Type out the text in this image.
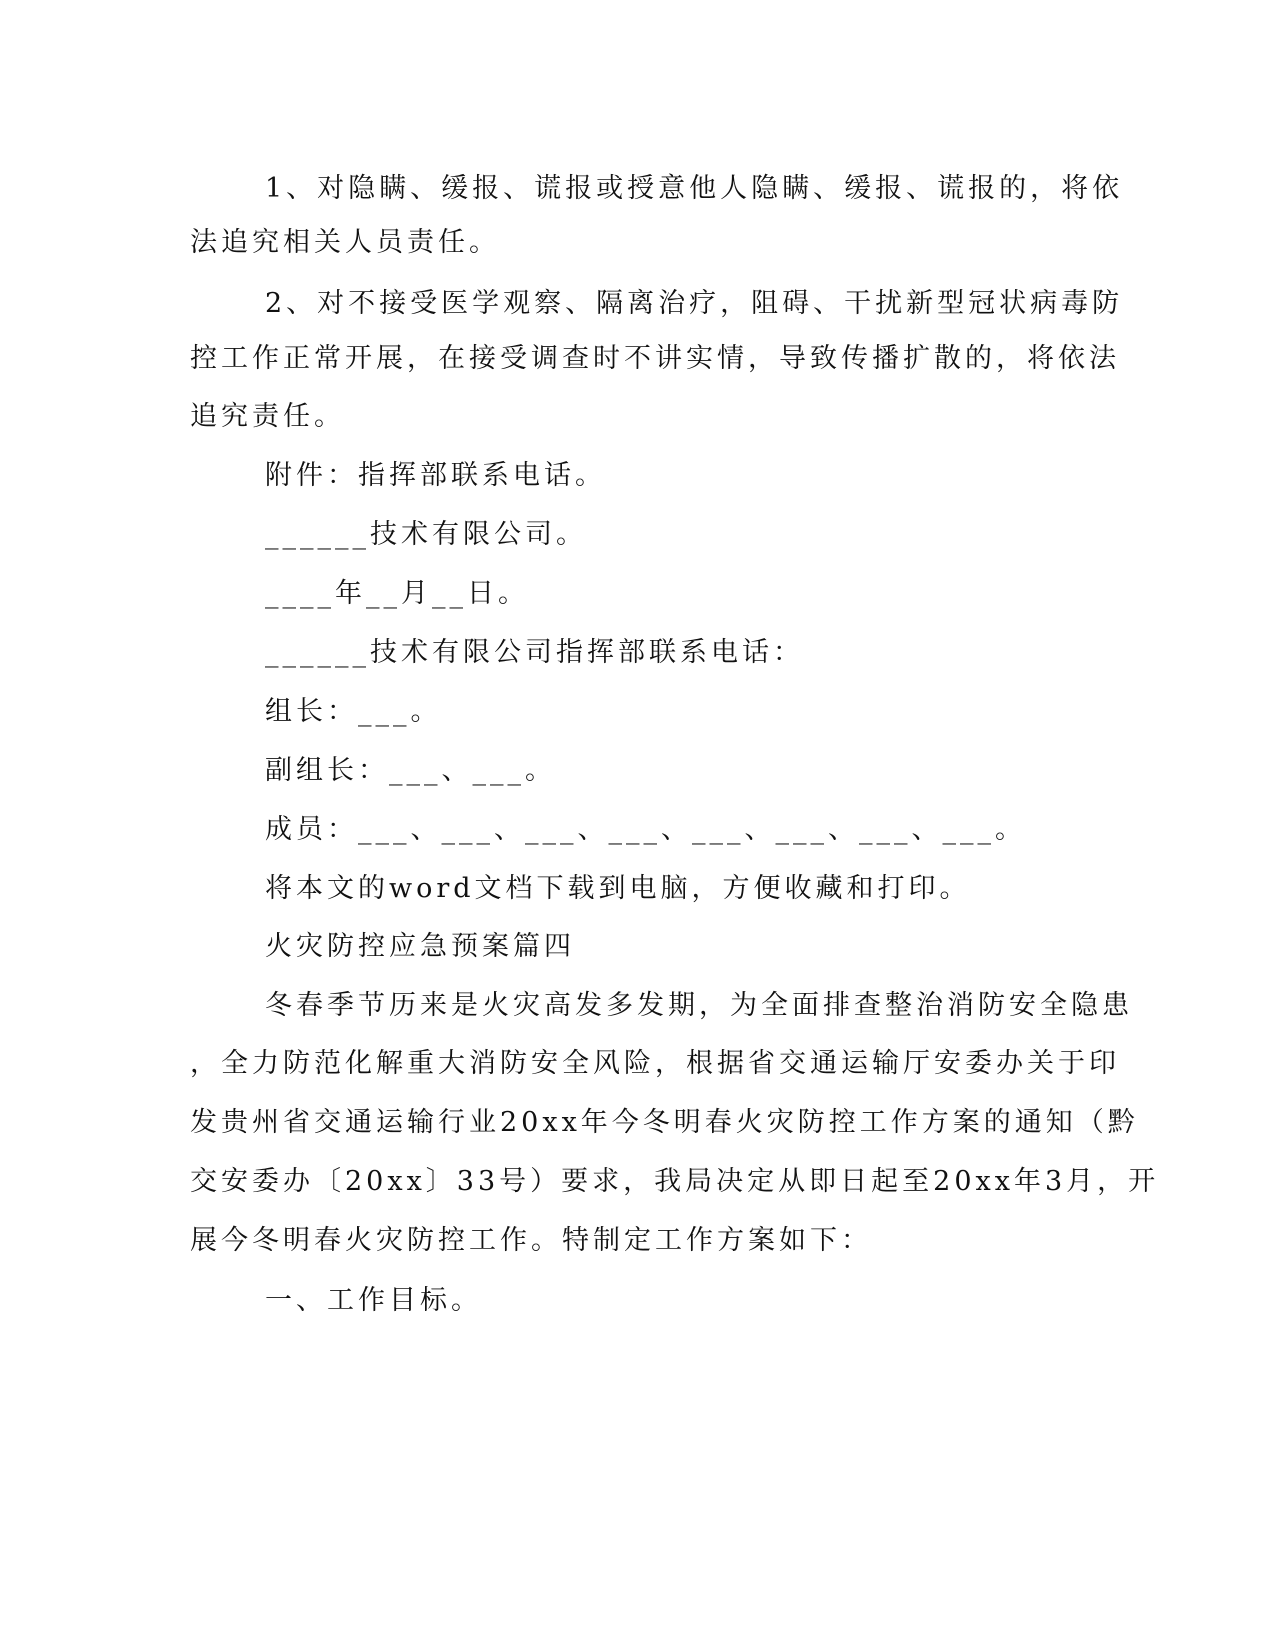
1、对隐瞒、缓报、谎报或授意他人隐瞒、缓报、谎报的，将依
法追究相关人员责任。
2、对不接受医学观察、隔离治疗，阻碍、干扰新型冠状病毒防
控工作正常开展，在接受调查时不讲实情，导致传播扩散的，将依法
追究责任。
附件：指挥部联系电话。
______技术有限公司。
____年__月__日。
______技术有限公司指挥部联系电话：
组长：___。
副组长：___、___。
成员：___、___、___、___、___、___、___、___。
将本文的word文档下载到电脑，方便收藏和打印。
火灾防控应急预案篇四
冬春季节历来是火灾高发多发期，为全面排查整治消防安全隐患
，全力防范化解重大消防安全风险，根据省交通运输厅安委办关于印
发贵州省交通运输行业20xx年今冬明春火灾防控工作方案的通知（黔
交安委办〔20xx〕33号）要求，我局决定从即日起至20xx年3月，开
展今冬明春火灾防控工作。特制定工作方案如下：
一、工作目标。
